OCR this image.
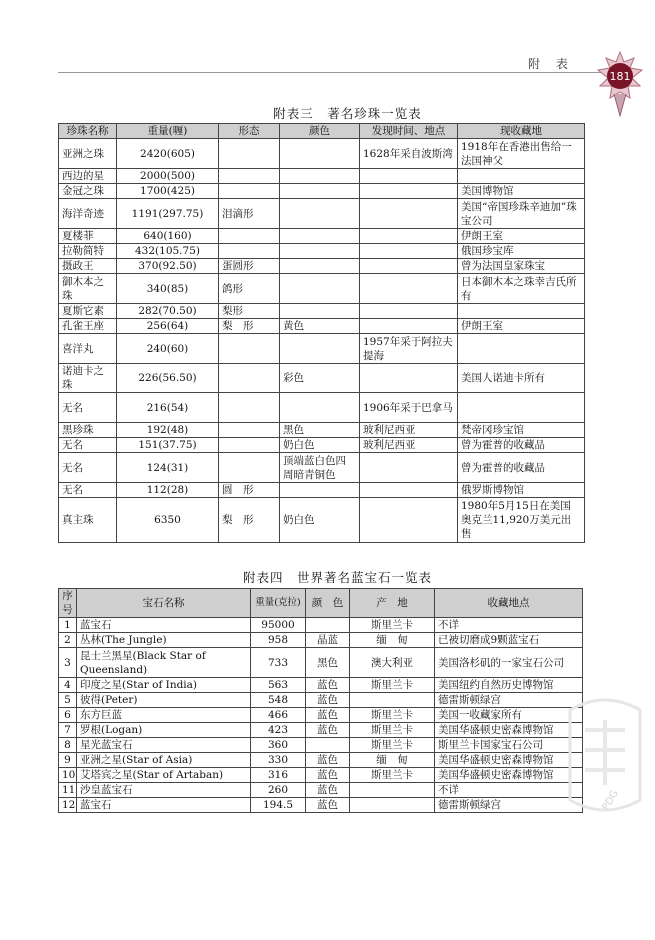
附 表
181
附表三　著名珍珠一览表
珍珠名称	重量(喱)	形态	颜色	发现时间、地点	现收藏地
亚洲之珠	2420(605)			1628年采自波斯湾	1918年在香港出售给一法国神父
西边的星	2000(500)				
金冠之珠	1700(425)				美国博物馆
海洋奇迹	1191(297.75)	泪滴形			美国“帝国珍珠辛迪加”珠宝公司
夏楼菲	640(160)				伊朗王室
拉勒简特	432(105.75)				俄国珍宝库
摄政王	370(92.50)	蛋圆形			曾为法国皇家珠宝
御木本之珠	340(85)	鸽形			日本御木本之珠幸吉氏所有
夏斯它素	282(70.50)	梨形			
孔雀王座	256(64)	梨　形	黄色		伊朗王室
喜洋丸	240(60)			1957年采于阿拉夫提海	
诺迪卡之珠	226(56.50)		彩色		美国人诺迪卡所有
无名	216(54)			1906年采于巴拿马	
黑珍珠	192(48)		黑色	玻利尼西亚	梵帝冈珍宝馆
无名	151(37.75)		奶白色	玻利尼西亚	曾为霍普的收藏品
无名	124(31)		顶端蓝白色四周暗青铜色		曾为霍普的收藏品
无名	112(28)	圆　形			俄罗斯博物馆
真主珠	6350	梨　形	奶白色		1980年5月15日在美国奥克兰11,920万美元出售
附表四　世界著名蓝宝石一览表
序号	宝石名称	重量(克拉)	颜　色	产　地	收藏地点
1	蓝宝石	95000		斯里兰卡	不详
2	丛林(The Jungle)	958	晶蓝	缅　甸	已被切磨成9颗蓝宝石
3	昆士兰黑星(Black Star of Queensland)	733	黑色	澳大利亚	美国洛杉矶的一家宝石公司
4	印度之星(Star of India)	563	蓝色	斯里兰卡	美国纽约自然历史博物馆
5	彼得(Peter)	548	蓝色		德雷斯顿绿宫
6	东方巨蓝	466	蓝色	斯里兰卡	美国一收藏家所有
7	罗根(Logan)	423	蓝色	斯里兰卡	美国华盛顿史密森博物馆
8	星光蓝宝石	360		斯里兰卡	斯里兰卡国家宝石公司
9	亚洲之星(Star of Asia)	330	蓝色	缅　甸	美国华盛顿史密森博物馆
10	艾塔宾之星(Star of Artaban)	316	蓝色	斯里兰卡	美国华盛顿史密森博物馆
11	沙皇蓝宝石	260	蓝色		不详
12	蓝宝石	194.5	蓝色		德雷斯顿绿宫	PDG
